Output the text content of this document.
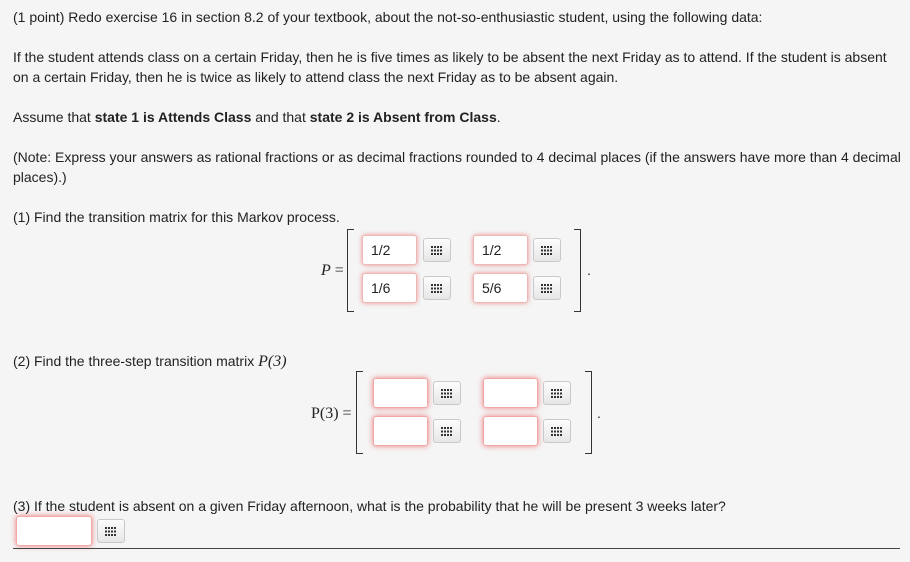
(1 point) Redo exercise 16 in section 8.2 of your textbook, about the not-so-enthusiastic student, using the following data:

If the student attends class on a certain Friday, then he is five times as likely to be absent the next Friday as to attend. If the student is absent on a certain Friday, then he is twice as likely to attend class the next Friday as to be absent again.

Assume that state 1 is Attends Class and that state 2 is Absent from Class.

(Note: Express your answers as rational fractions or as decimal fractions rounded to 4 decimal places (if the answers have more than 4 decimal places).)

(1) Find the transition matrix for this Markov process.

P =
1/2	1/2
1/6	5/6
.

(2) Find the three-step transition matrix P(3)

P(3) =	.

(3) If the student is absent on a given Friday afternoon, what is the probability that he will be present 3 weeks later?
